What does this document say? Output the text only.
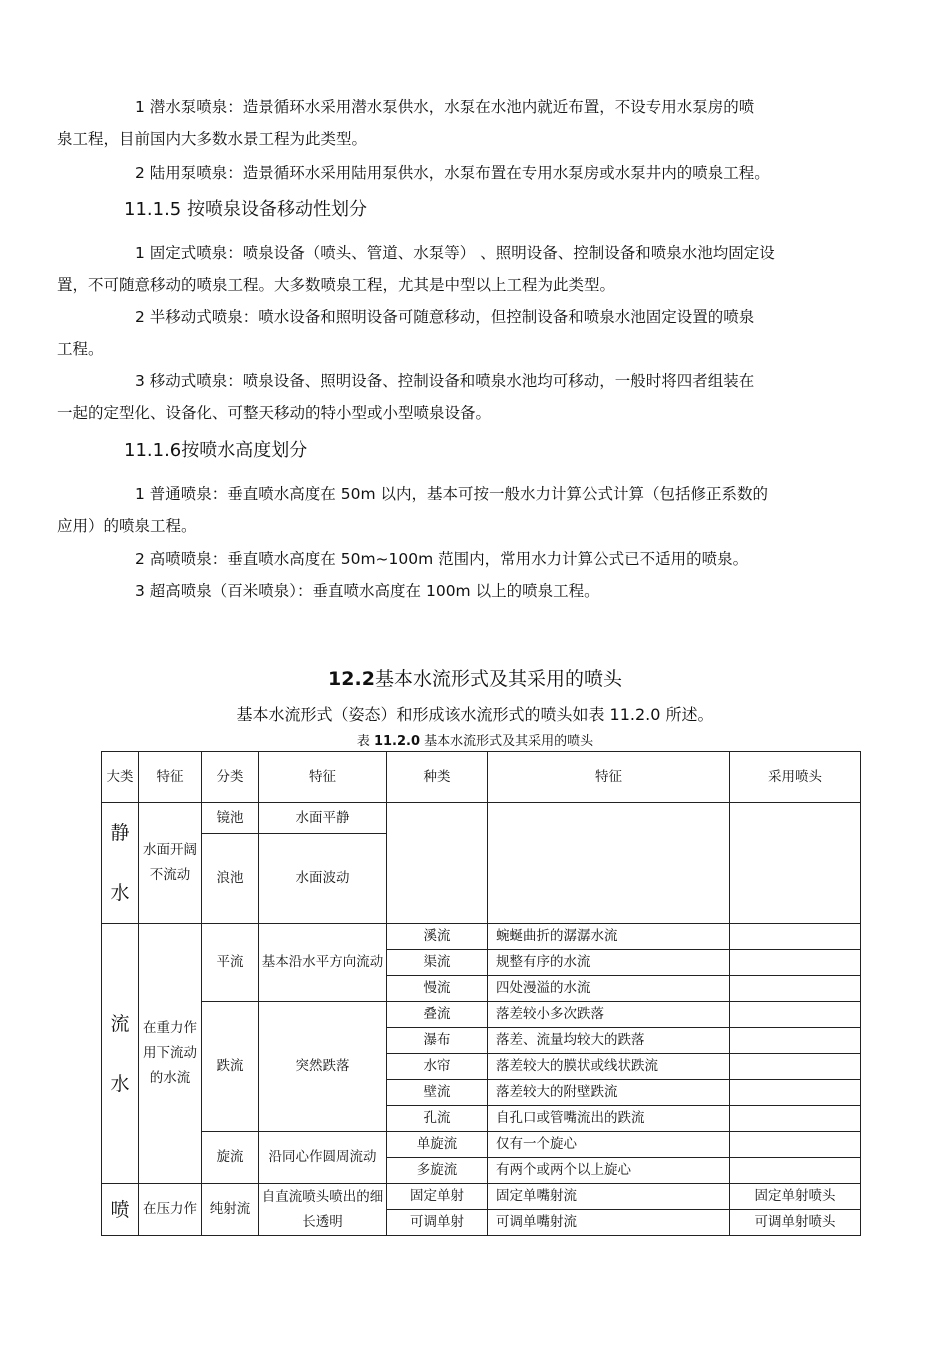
1 潜水泵喷泉：造景循环水采用潜水泵供水，水泵在水池内就近布置，不设专用水泵房的喷
泉工程，目前国内大多数水景工程为此类型。
2 陆用泵喷泉：造景循环水采用陆用泵供水，水泵布置在专用水泵房或水泵井内的喷泉工程。
11.1.5 按喷泉设备移动性划分
1 固定式喷泉：喷泉设备（喷头、管道、水泵等） 、照明设备、控制设备和喷泉水池均固定设
置，不可随意移动的喷泉工程。大多数喷泉工程，尤其是中型以上工程为此类型。
2 半移动式喷泉：喷水设备和照明设备可随意移动，但控制设备和喷泉水池固定设置的喷泉
工程。
3 移动式喷泉：喷泉设备、照明设备、控制设备和喷泉水池均可移动，一般时将四者组装在
一起的定型化、设备化、可整天移动的特小型或小型喷泉设备。
11.1.6按喷水高度划分
1 普通喷泉：垂直喷水高度在 50m 以内，基本可按一般水力计算公式计算（包括修正系数的
应用）的喷泉工程。
2 高喷喷泉：垂直喷水高度在 50m~100m 范围内，常用水力计算公式已不适用的喷泉。
3 超高喷泉（百米喷泉）：垂直喷水高度在 100m 以上的喷泉工程。
12.2基本水流形式及其采用的喷头
基本水流形式（姿态）和形成该水流形式的喷头如表 11.2.0 所述。
表 11.2.0 基本水流形式及其采用的喷头
大类	特征	分类	特征	种类	特征	采用喷头
静水	水面开阔不流动	镜池	水面平静			
		浪池	水面波动			
流水	在重力作用下流动的水流	平流	基本沿水平方向流动	溪流	蜿蜒曲折的潺潺水流	
				渠流	规整有序的水流	
				慢流	四处漫溢的水流	
		跌流	突然跌落	叠流	落差较小多次跌落	
				瀑布	落差、流量均较大的跌落	
				水帘	落差较大的膜状或线状跌流	
				壁流	落差较大的附壁跌流	
				孔流	自孔口或管嘴流出的跌流	
		旋流	沿同心作圆周流动	单旋流	仅有一个旋心	
				多旋流	有两个或两个以上旋心	
喷	在压力作	纯射流	自直流喷头喷出的细长透明	固定单射	固定单嘴射流	固定单射喷头
				可调单射	可调单嘴射流	可调单射喷头
